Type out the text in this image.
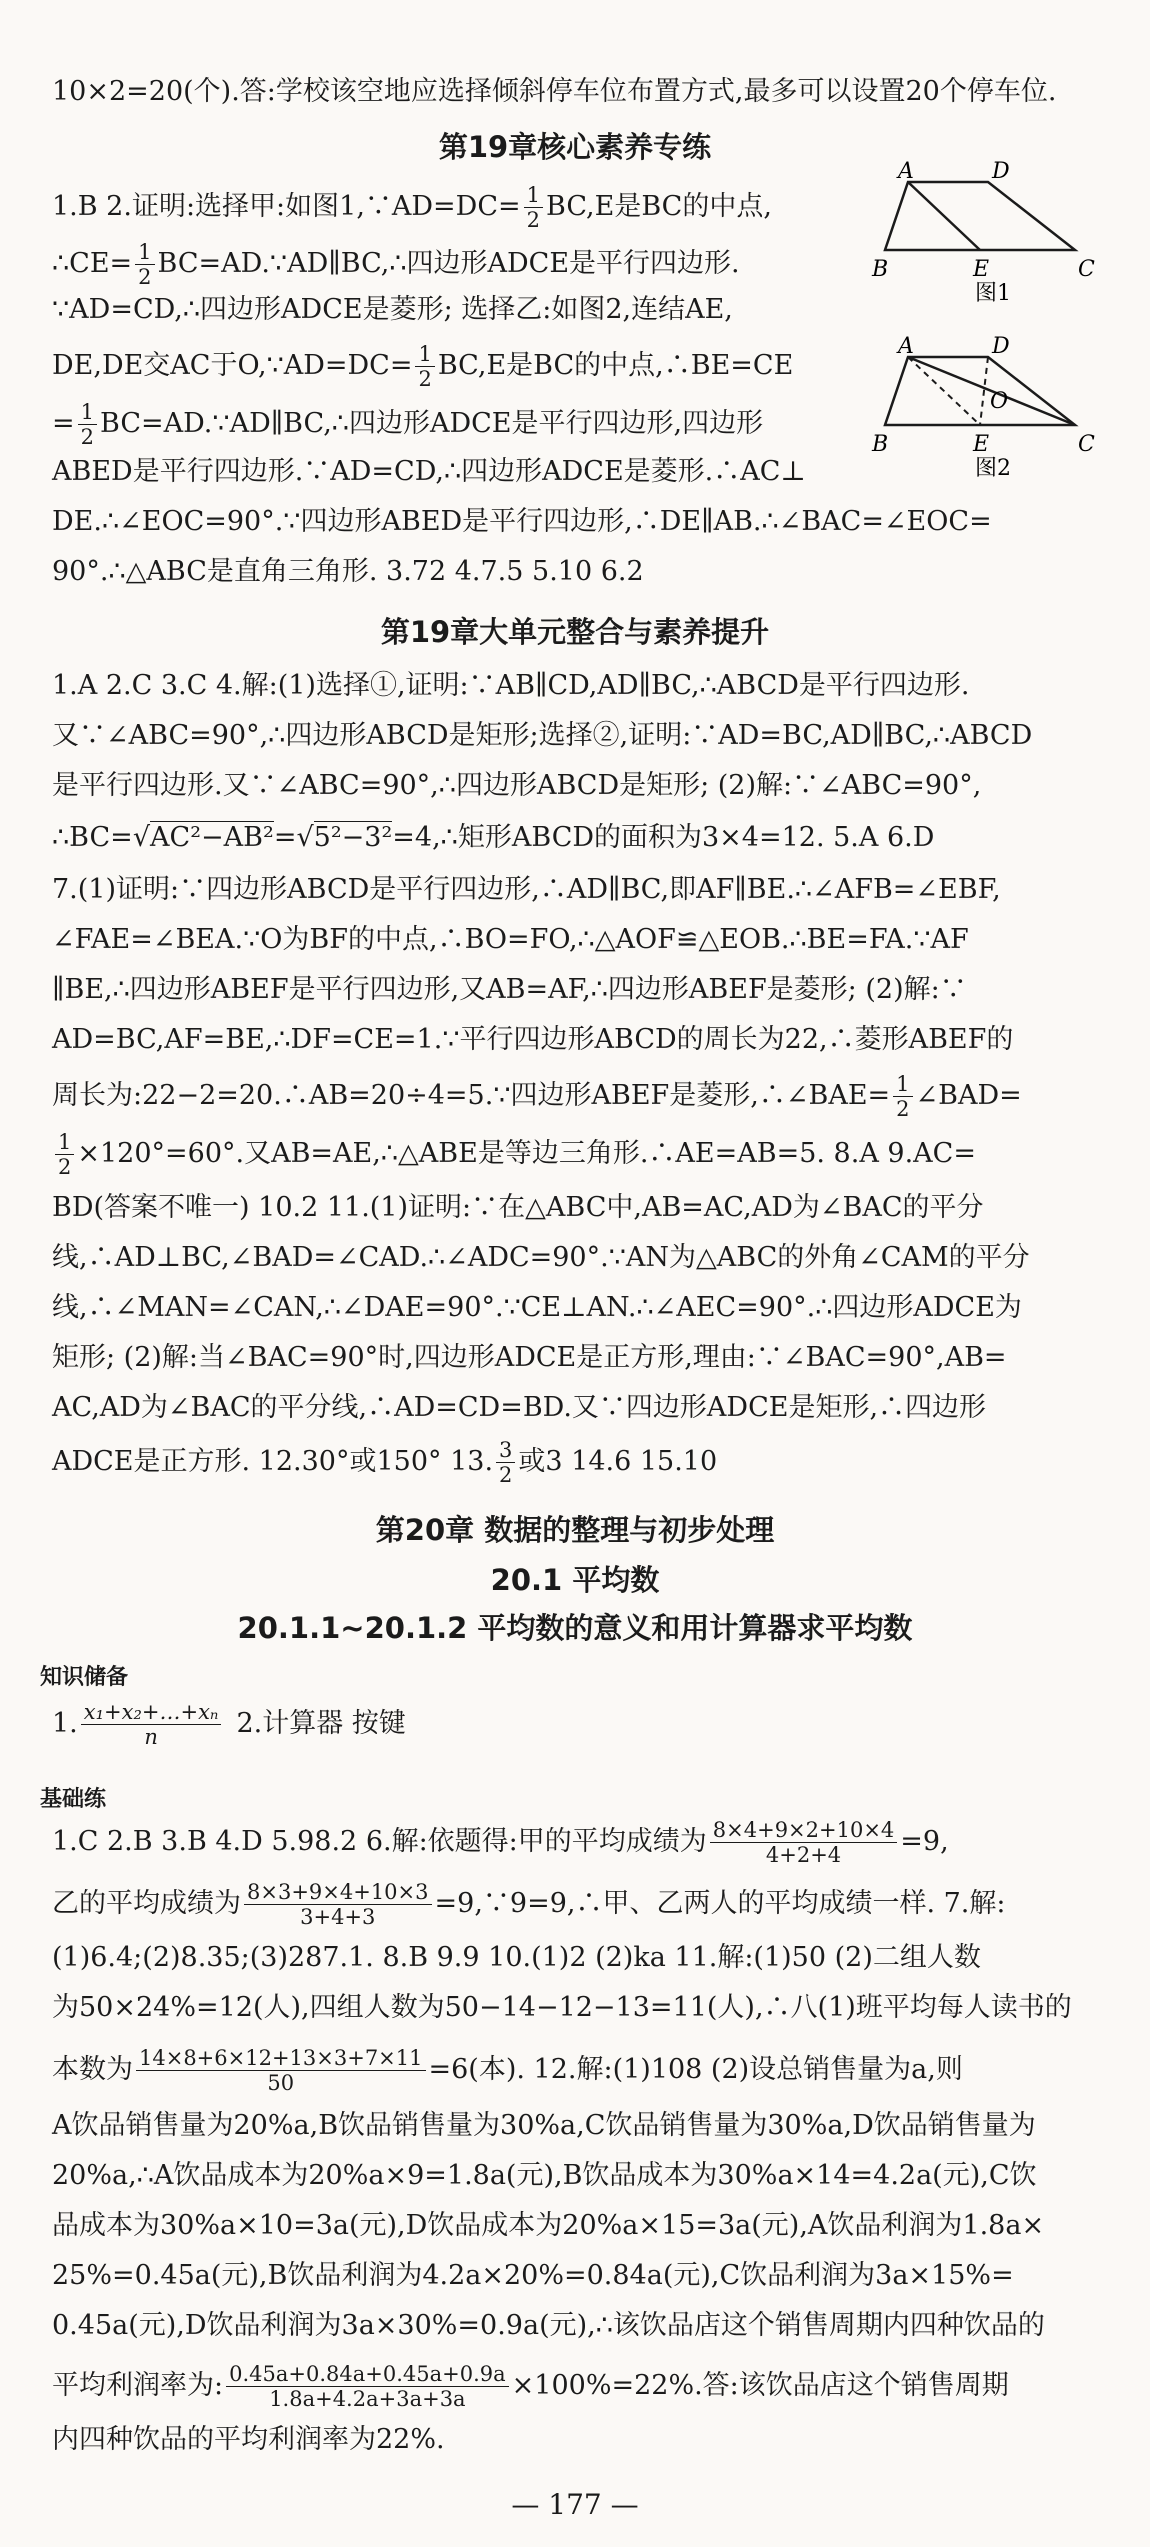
10×2=20(个).答:学校该空地应选择倾斜停车位布置方式,最多可以设置20个停车位.
第19章核心素养专练
1.B 2.证明:选择甲:如图1,∵AD=DC= $\frac{1}{2} BC,E$是BC的中点,
∴CE= $\frac{1}{2}$ BC=AD.∵AD∥BC,∴四边形ADCE是平行四边形.
∵AD=CD,∴四边形ADCE是菱形; 选择乙:如图2,连结AE,
DE,DE交AC于O,∵AD=DC= $\frac{1}{2} BC,E$是BC的中点,∴BE=CE
= $\frac{1}{2}$ BC=AD.∵AD∥BC,∴四边形ADCE是平行四边形,四边形
ABED是平行四边形.∵AD=CD,∴四边形ADCE是菱形.∴AC⊥
DE.∴∠EOC=90°.∵四边形ABED是平行四边形,∴DE∥AB.∴∠BAC=∠EOC=
90°.∴△ABC是直角三角形. 3.72 4.7.5 5.10 6.2
A	D
B	E	C
图1
A	D
O
B	E	C
图2
第19章大单元整合与素养提升
1.A 2.C 3.C 4.解:(1)选择①,证明:∵AB∥CD,AD∥BC,∴ABCD是平行四边形.
又∵∠ABC=90°,∴四边形ABCD是矩形;选择②,证明:∵AD=BC,AD∥BC,∴ABCD
是平行四边形.又∵∠ABC=90°,∴四边形ABCD是矩形; (2)解:∵∠ABC=90°,
∴BC=√AC²−AB²=√5²−3²=4,∴矩形ABCD的面积为3×4=12. 5.A 6.D
7.(1)证明:∵四边形ABCD是平行四边形,∴AD∥BC,即AF∥BE.∴∠AFB=∠EBF,
∠FAE=∠BEA.∵O为BF的中点,∴BO=FO,∴△AOF≌△EOB.∴BE=FA.∵AF
∥BE,∴四边形ABEF是平行四边形,又AB=AF,∴四边形ABEF是菱形; (2)解:∵
AD=BC,AF=BE,∴DF=CE=1.∵平行四边形ABCD的周长为22,∴菱形ABEF的
周长为:22−2=20.∴AB=20÷4=5.∵四边形ABEF是菱形,∴∠BAE= $\frac{1}{2}$ ∠BAD=
$\frac{1}{2} \times 120^\circ=60^\circ$.又AB=AE,∴△ABE是等边三角形.∴AE=AB=5. 8.A 9.AC=
BD(答案不唯一) 10.2 11.(1)证明:∵在△ABC中,AB=AC,AD为∠BAC的平分
线,∴AD⊥BC,∠BAD=∠CAD.∴∠ADC=90°.∵AN为△ABC的外角∠CAM的平分
线,∴∠MAN=∠CAN,∴∠DAE=90°.∵CE⊥AN.∴∠AEC=90°.∴四边形ADCE为
矩形; (2)解:当∠BAC=90°时,四边形ADCE是正方形,理由:∵∠BAC=90°,AB=
AC,AD为∠BAC的平分线,∴AD=CD=BD.又∵四边形ADCE是矩形,∴四边形
ADCE是正方形. 12.30°或150° 13. $\frac{3}{2}$ 或3 14.6 15.10
第20章 数据的整理与初步处理
20.1 平均数
20.1.1~20.1.2 平均数的意义和用计算器求平均数
知识储备
1. $\frac{\text{x₁+x₂+…+xₙ}}{n} 2$.计算器 按键
基础练
1.C 2.B 3.B 4.D 5.98.2 6.解:依题得:甲的平均成绩为 $\frac{8\times 4+9\times 2+10\times 4}{4+2+4} =9$,
乙的平均成绩为 $\frac{8\times 3+9\times 4+10\times 3}{3+4+3}$ =9,∵9=9,∴甲、乙两人的平均成绩一样. 7.解:
(1)6.4;(2)8.35;(3)287.1. 8.B 9.9 10.(1)2 (2)ka 11.解:(1)50 (2)二组人数
为50×24%=12(人),四组人数为50−14−12−13=11(人),∴八(1)班平均每人读书的
本数为 $\frac{14\times 8+6\times 12+13\times 3+7\times 11}{50} =6$(本). 12.解:(1)108 (2)设总销售量为a,则
A饮品销售量为20%a,B饮品销售量为30%a,C饮品销售量为30%a,D饮品销售量为
20%a,∴A饮品成本为20%a×9=1.8a(元),B饮品成本为30%a×14=4.2a(元),C饮
品成本为30%a×10=3a(元),D饮品成本为20%a×15=3a(元),A饮品利润为1.8a×
25%=0.45a(元),B饮品利润为4.2a×20%=0.84a(元),C饮品利润为3a×15%=
0.45a(元),D饮品利润为3a×30%=0.9a(元),∴该饮品店这个销售周期内四种饮品的
平均利润率为: $\frac{0.45a+0.84a+0.45a+0.9a}{1.8a+4.2a+3a+3a} \times 100\%=22\%$.答:该饮品店这个销售周期
内四种饮品的平均利润率为22%.
— 177 —
